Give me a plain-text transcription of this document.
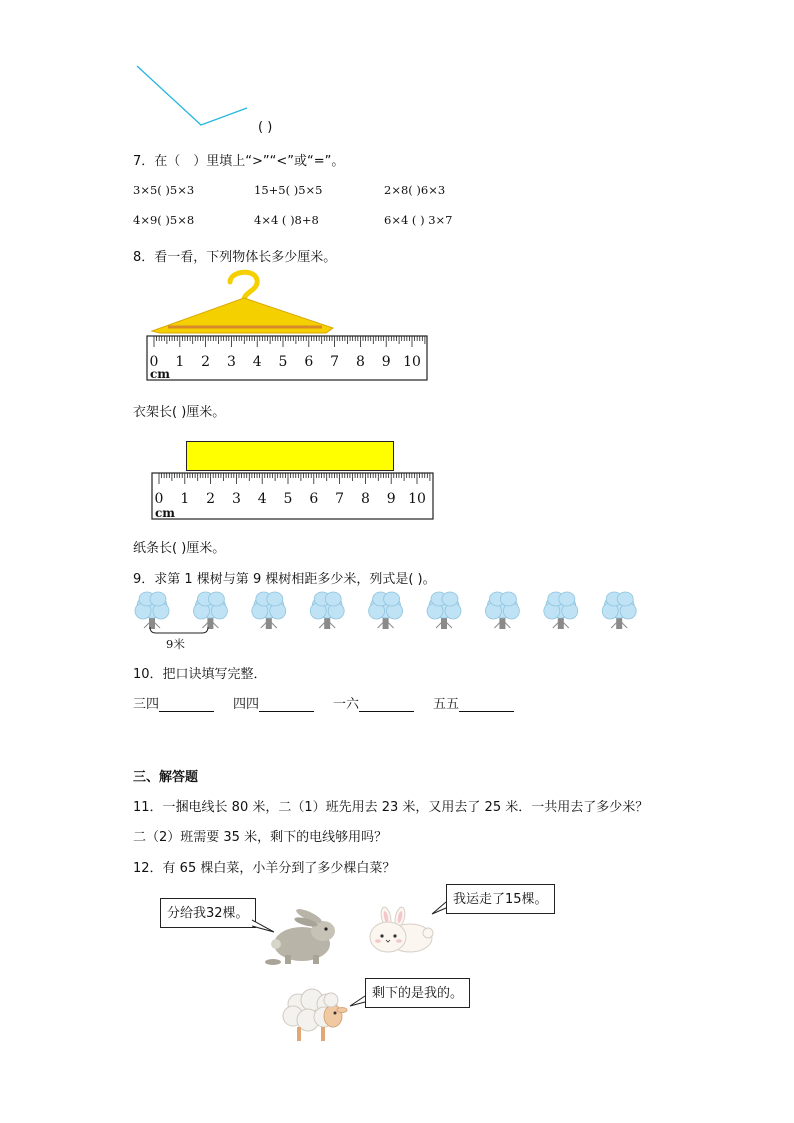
( )
7．在（　）里填上“>”“<”或“=”。
3×5( )5×3	15+5( )5×5	2×8( )6×3
4×9( )5×8	4×4 ( )8+8	6×4 ( ) 3×7
8．看一看，下列物体长多少厘米。
0 1 2 3 4 5 6 7 8 9 10
cm
衣架长( )厘米。
0 1 2 3 4 5 6 7 8 9 10
cm
纸条长( )厘米。
9．求第 1 棵树与第 9 棵树相距多少米，列式是( )。
9米
10．把口诀填写完整．
三四	四四	一六	五五
三、解答题
11．一捆电线长 80 米，二（1）班先用去 23 米，又用去了 25 米．一共用去了多少米？
二（2）班需要 35 米，剩下的电线够用吗？
12．有 65 棵白菜，小羊分到了多少棵白菜？
分给我32棵。
我运走了15棵。
剩下的是我的。
